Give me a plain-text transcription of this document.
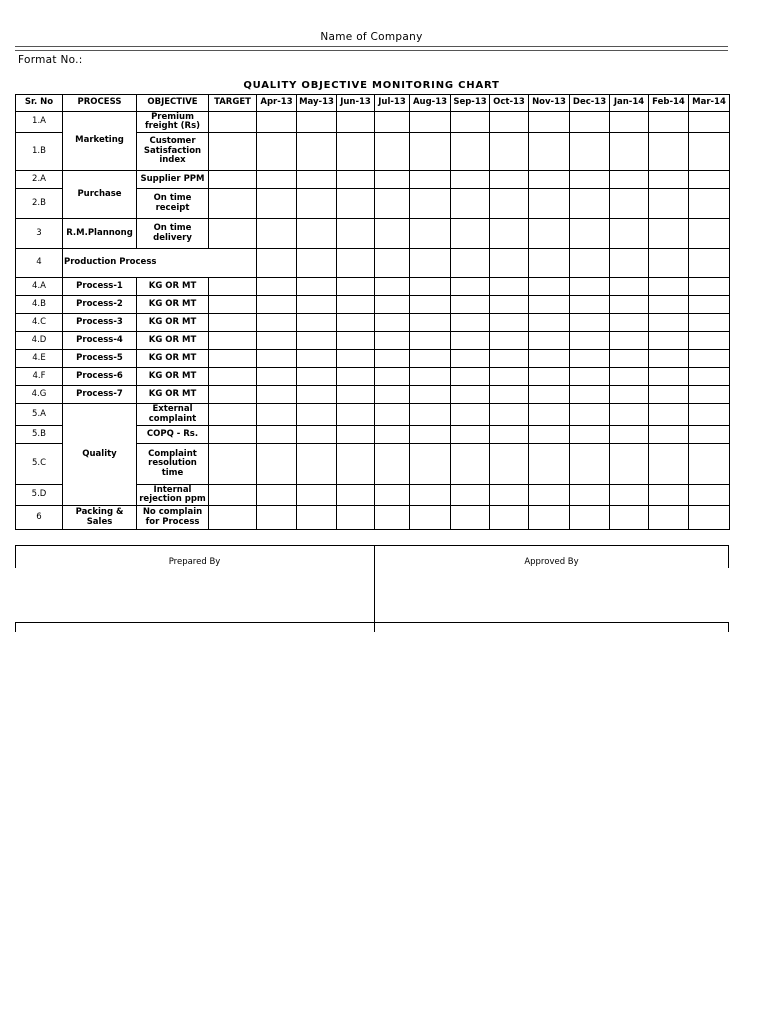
Name of Company
Format No.:
QUALITY OBJECTIVE MONITORING CHART
Sr. No	PROCESS	OBJECTIVE	TARGET	Apr-13	May-13	Jun-13	Jul-13	Aug-13	Sep-13	Oct-13	Nov-13	Dec-13	Jan-14	Feb-14	Mar-14
1.A	Marketing	Premium freight (Rs)													
1.B		Customer Satisfaction index													
2.A	Purchase	Supplier PPM													
2.B		On time receipt													
3	R.M.Plannong	On time delivery													
4	Production Process														
4.A	Process-1	KG OR MT													
4.B	Process-2	KG OR MT													
4.C	Process-3	KG OR MT													
4.D	Process-4	KG OR MT													
4.E	Process-5	KG OR MT													
4.F	Process-6	KG OR MT													
4.G	Process-7	KG OR MT													
5.A	Quality	External complaint													
5.B		COPQ - Rs.													
5.C		Complaint resolution time													
5.D		Internal rejection ppm													
6	Packing & Sales	No complain for Process													
Prepared By	Approved By
